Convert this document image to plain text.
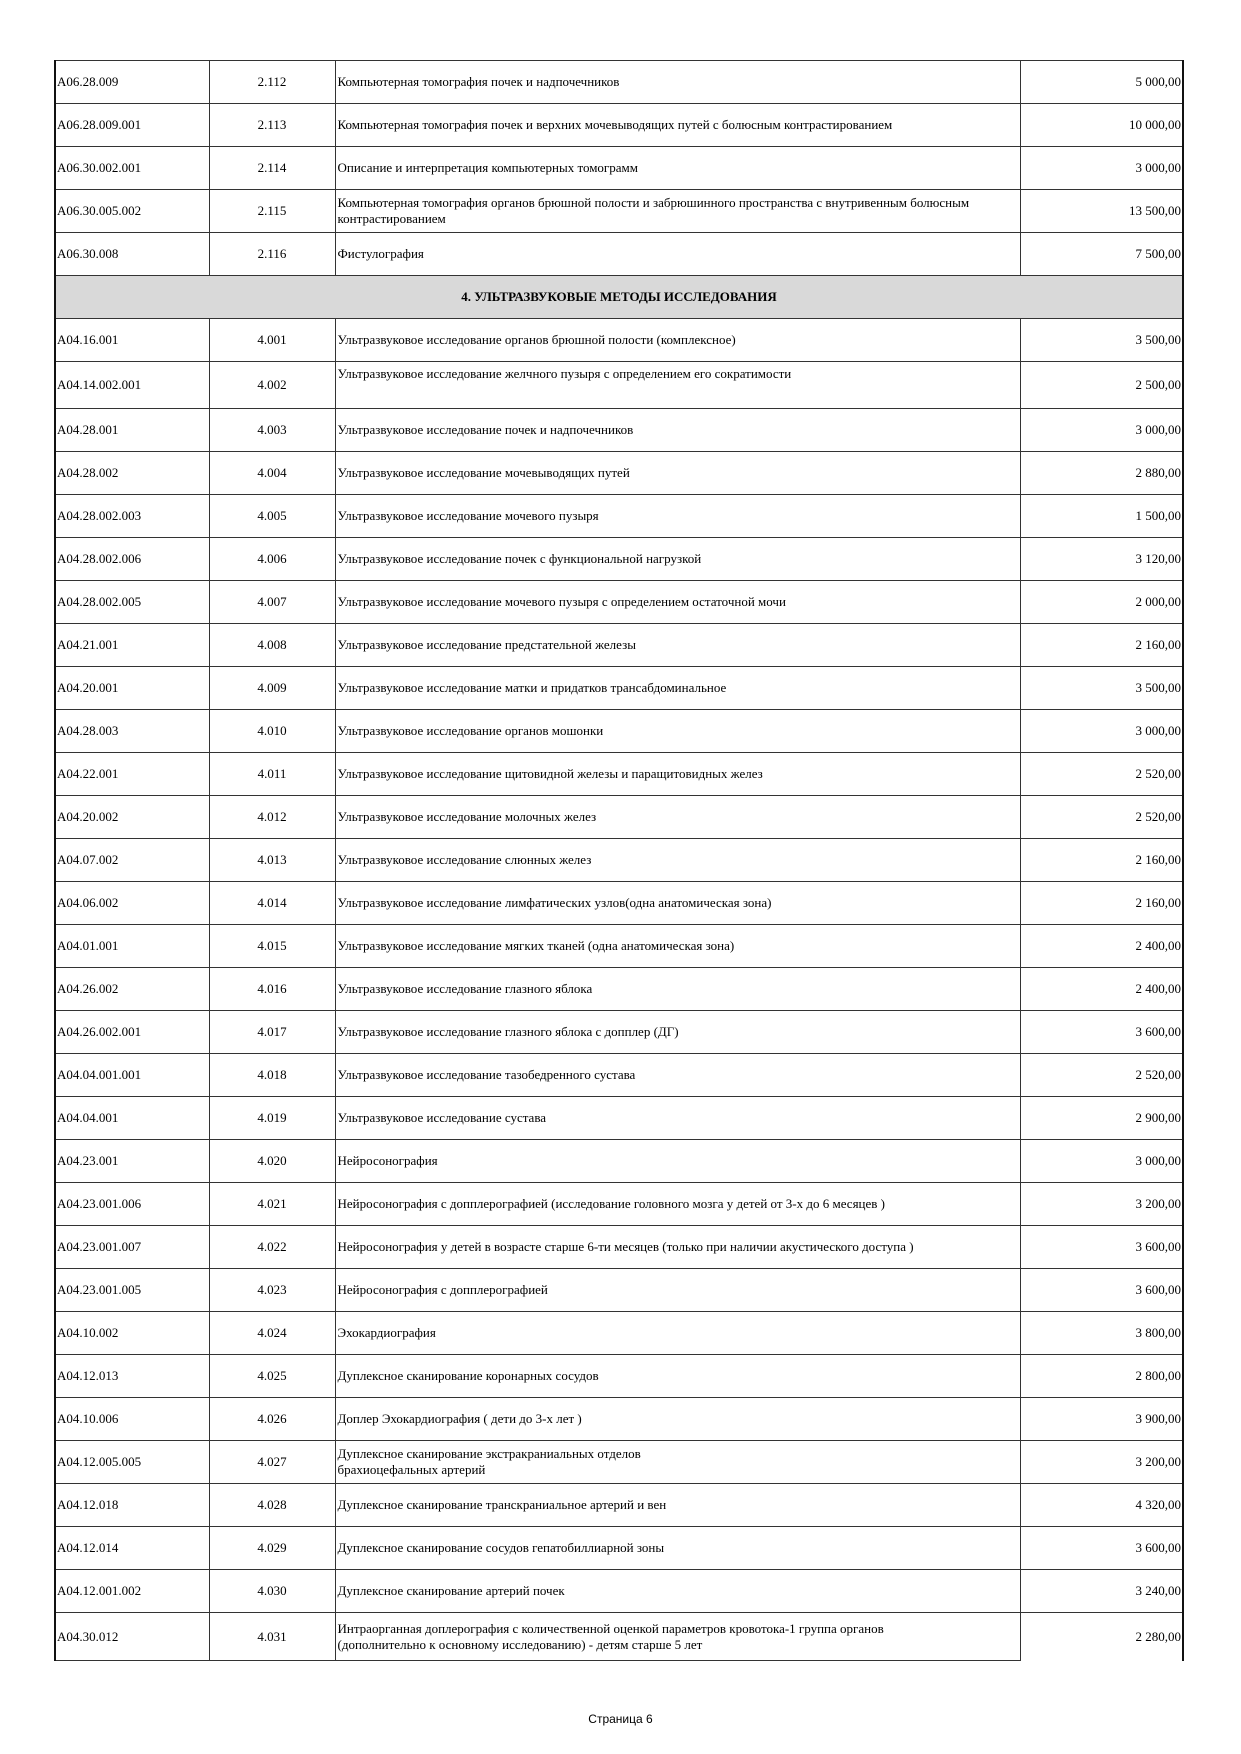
A06.28.009	2.112	Компьютерная томография почек и надпочечников	5 000,00
A06.28.009.001	2.113	Компьютерная томография почек и верхних мочевыводящих путей с болюсным контрастированием	10 000,00
A06.30.002.001	2.114	Описание и интерпретация компьютерных томограмм	3 000,00
A06.30.005.002	2.115	Компьютерная томография органов брюшной полости и забрюшинного пространства с внутривенным болюсным контрастированием	13 500,00
A06.30.008	2.116	Фистулография	7 500,00
4. УЛЬТРАЗВУКОВЫЕ МЕТОДЫ ИССЛЕДОВАНИЯ			
A04.16.001	4.001	Ультразвуковое исследование органов брюшной полости (комплексное)	3 500,00
A04.14.002.001	4.002	Ультразвуковое исследование желчного пузыря с определением его сократимости	2 500,00
A04.28.001	4.003	Ультразвуковое исследование почек и надпочечников	3 000,00
A04.28.002	4.004	Ультразвуковое исследование мочевыводящих путей	2 880,00
A04.28.002.003	4.005	Ультразвуковое исследование мочевого пузыря	1 500,00
A04.28.002.006	4.006	Ультразвуковое исследование почек с функциональной нагрузкой	3 120,00
A04.28.002.005	4.007	Ультразвуковое исследование мочевого пузыря с определением остаточной мочи	2 000,00
A04.21.001	4.008	Ультразвуковое исследование предстательной железы	2 160,00
A04.20.001	4.009	Ультразвуковое исследование матки и придатков трансабдоминальное	3 500,00
A04.28.003	4.010	Ультразвуковое исследование органов мошонки	3 000,00
A04.22.001	4.011	Ультразвуковое исследование щитовидной железы и паращитовидных желез	2 520,00
A04.20.002	4.012	Ультразвуковое исследование молочных желез	2 520,00
A04.07.002	4.013	Ультразвуковое исследование слюнных желез	2 160,00
A04.06.002	4.014	Ультразвуковое исследование лимфатических узлов(одна анатомическая зона)	2 160,00
A04.01.001	4.015	Ультразвуковое исследование мягких тканей (одна анатомическая зона)	2 400,00
A04.26.002	4.016	Ультразвуковое исследование глазного яблока	2 400,00
A04.26.002.001	4.017	Ультразвуковое исследование глазного яблока с допплер (ДГ)	3 600,00
A04.04.001.001	4.018	Ультразвуковое исследование тазобедренного сустава	2 520,00
A04.04.001	4.019	Ультразвуковое исследование сустава	2 900,00
A04.23.001	4.020	Нейросонография	3 000,00
A04.23.001.006	4.021	Нейросонография с допплерографией (исследование головного мозга у детей от 3-х до 6 месяцев )	3 200,00
A04.23.001.007	4.022	Нейросонография у детей в возрасте старше 6-ти месяцев (только при наличии акустического доступа )	3 600,00
A04.23.001.005	4.023	Нейросонография с допплерографией	3 600,00
A04.10.002	4.024	Эхокардиография	3 800,00
A04.12.013	4.025	Дуплексное сканирование коронарных сосудов	2 800,00
A04.10.006	4.026	Доплер Эхокардиография ( дети до 3-х лет )	3 900,00
A04.12.005.005	4.027	Дуплексное сканирование экстракраниальных отделов
брахиоцефальных артерий	3 200,00
A04.12.018	4.028	Дуплексное сканирование транскраниальное артерий и вен	4 320,00
A04.12.014	4.029	Дуплексное сканирование сосудов гепатобиллиарной зоны	3 600,00
A04.12.001.002	4.030	Дуплексное сканирование артерий почек	3 240,00
A04.30.012	4.031	Интраорганная доплерография с количественной оценкой параметров кровотока-1 группа органов
(дополнительно к основному исследованию) - детям старше 5 лет	2 280,00
Страница 6
